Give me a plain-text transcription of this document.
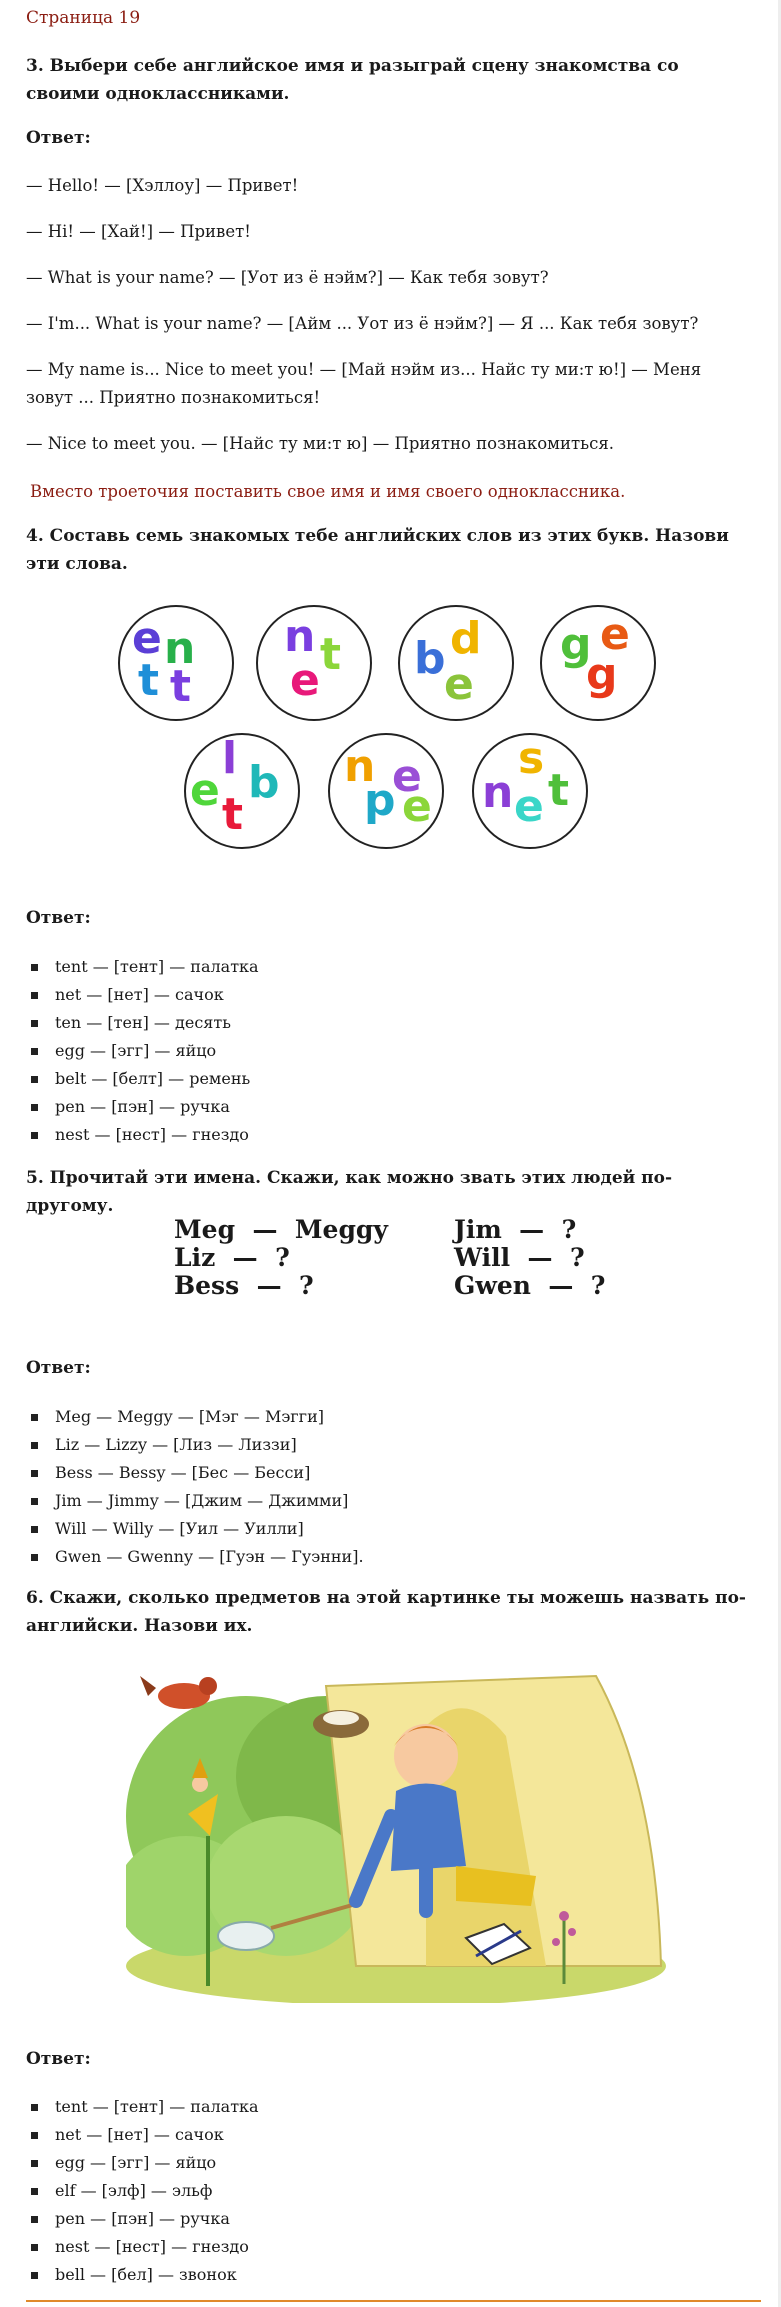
Страница 19
3. Выбери себе английское имя и разыграй сцену знакомства со своими одноклассниками.
Ответ:
— Hello! — [Хэллоу] — Привет!
— Hi! — [Хай!] — Привет!
— What is your name? — [Уот из ё нэйм?] — Как тебя зовут?
— I'm... What is your name? — [Айм ... Уот из ё нэйм?] — Я ... Как тебя зовут?
— My name is... Nice to meet you! — [Май нэйм из... Найс ту ми:т ю!] — Меня зовут ... Приятно познакомиться!
— Nice to meet you. — [Найс ту ми:т ю] — Приятно познакомиться.
Вместо троеточия поставить свое имя и имя своего одноклассника.
4. Составь семь знакомых тебе английских слов из этих букв. Назови эти слова.
e n
t t
n t
e
d
b
e
g e
g
l
e b
t
n e
p e
s
n e t
Ответ:
tent — [тент] — палатка
net — [нет] — сачок
ten — [тен] — десять
egg — [эгг] — яйцо
belt — [белт] — ремень
pen — [пэн] — ручка
nest — [нест] — гнездо
5. Прочитай эти имена. Скажи, как можно звать этих людей по-другому.
Meg  —  Meggy
Liz  —  ?
Bess  —  ?
Jim  —  ?
Will  —  ?
Gwen  —  ?
Ответ:
Meg — Meggy — [Мэг — Мэгги]
Liz — Lizzy — [Лиз — Лиззи]
Bess — Bessy — [Бес — Бесси]
Jim — Jimmy — [Джим — Джимми]
Will — Willy — [Уил — Уилли]
Gwen — Gwenny — [Гуэн — Гуэнни].
6. Скажи, сколько предметов на этой картинке ты можешь назвать по-английски. Назови их.
Ответ:
tent — [тент] — палатка
net — [нет] — сачок
egg — [эгг] — яйцо
elf — [элф] — эльф
pen — [пэн] — ручка
nest — [нест] — гнездо
bell — [бел] — звонок
